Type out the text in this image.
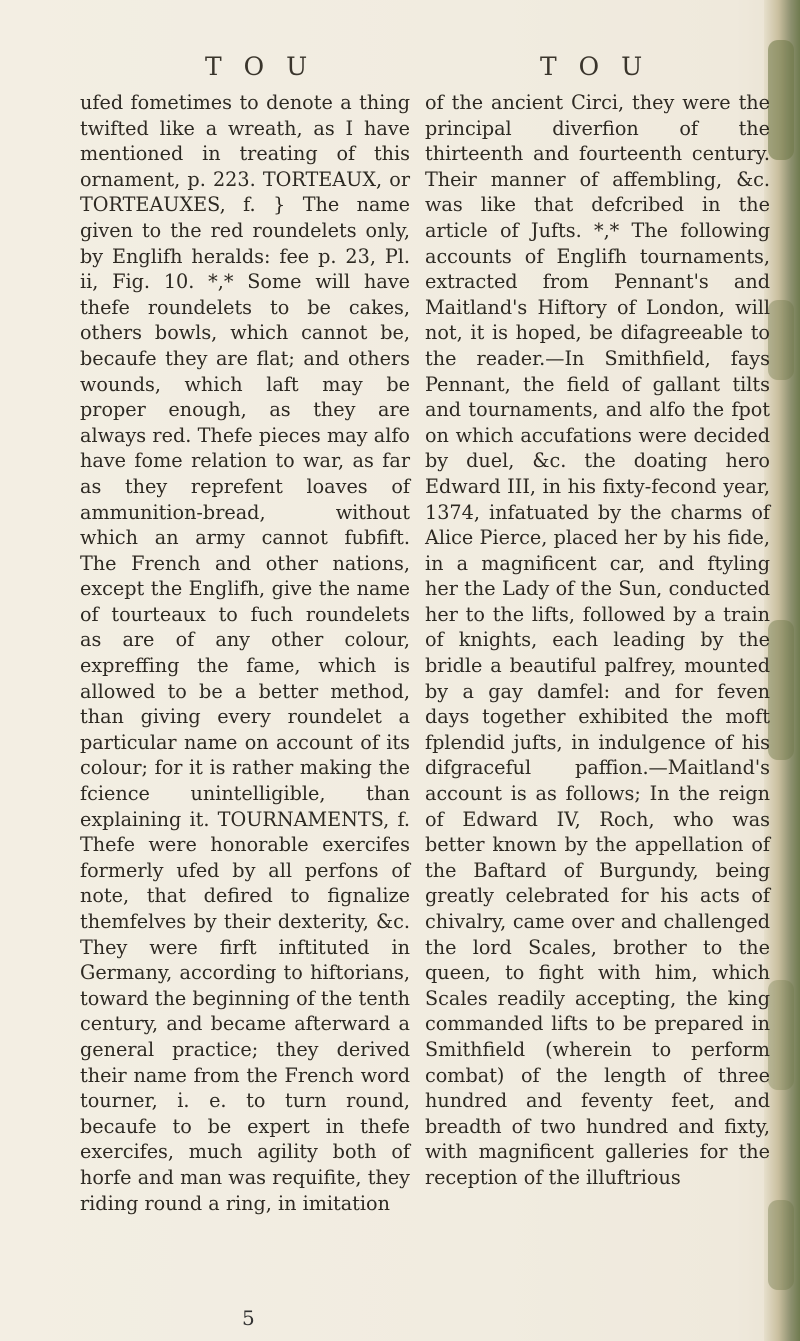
T O U	T O U

ufed fometimes to denote a thing twifted like a wreath, as I have mentioned in treating of this ornament, p. 223. TORTEAUX, or TORTEAUXES, f. } The name given to the red roundelets only, by Englifh heralds: fee p. 23, Pl. ii, Fig. 10. *,* Some will have thefe roundelets to be cakes, others bowls, which cannot be, becaufe they are flat; and others wounds, which laft may be proper enough, as they are always red. Thefe pieces may alfo have fome relation to war, as far as they reprefent loaves of ammunition-bread, without which an army cannot fubfift. The French and other nations, except the Englifh, give the name of tourteaux to fuch roundelets as are of any other colour, expreffing the fame, which is allowed to be a better method, than giving every roundelet a particular name on account of its colour; for it is rather making the fcience unintelligible, than explaining it. TOURNAMENTS, f. Thefe were honorable exercifes formerly ufed by all perfons of note, that defired to fignalize themfelves by their dexterity, &c. They were firft inftituted in Germany, according to hiftorians, toward the beginning of the tenth century, and became afterward a general practice; they derived their name from the French word tourner, i. e. to turn round, becaufe to be expert in thefe exercifes, much agility both of horfe and man was requifite, they riding round a ring, in imitation

of the ancient Circi, they were the principal diverfion of the thirteenth and fourteenth century. Their manner of affembling, &c. was like that defcribed in the article of Jufts. *,* The following accounts of Englifh tournaments, extracted from Pennant's and Maitland's Hiftory of London, will not, it is hoped, be difagreeable to the reader.—In Smithfield, fays Pennant, the field of gallant tilts and tournaments, and alfo the fpot on which accufations were decided by duel, &c. the doating hero Edward III, in his fixty-fecond year, 1374, infatuated by the charms of Alice Pierce, placed her by his fide, in a magnificent car, and ftyling her the Lady of the Sun, conducted her to the lifts, followed by a train of knights, each leading by the bridle a beautiful palfrey, mounted by a gay damfel: and for feven days together exhibited the moft fplendid jufts, in indulgence of his difgraceful paffion.—Maitland's account is as follows; In the reign of Edward IV, Roch, who was better known by the appellation of the Baftard of Burgundy, being greatly celebrated for his acts of chivalry, came over and challenged the lord Scales, brother to the queen, to fight with him, which Scales readily accepting, the king commanded lifts to be prepared in Smithfield (wherein to perform combat) of the length of three hundred and feventy feet, and breadth of two hundred and fixty, with magnificent galleries for the reception of the illuftrious

5
